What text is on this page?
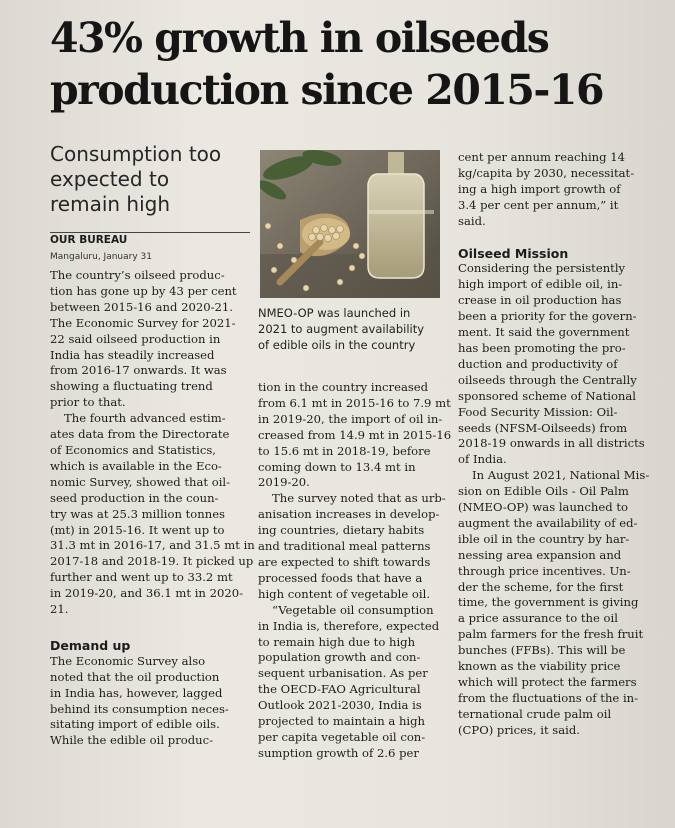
43% growth in oilseeds
production since 2015-16
Consumption too
expected to
remain high
OUR BUREAU
Mangaluru, January 31

NMEO-OP was launched in

2021 to augment availability

of edible oils in the country

The country’s oilseed produc-

tion has gone up by 43 per cent

between 2015-16 and 2020-21.

The Economic Survey for 2021-

22 said oilseed production in

India has steadily increased

from 2016-17 onwards. It was

showing a fluctuating trend

prior to that.

The fourth advanced estim-

ates data from the Directorate

of Economics and Statistics,

which is available in the Eco-

nomic Survey, showed that oil-

seed production in the coun-

try was at 25.3 million tonnes

(mt) in 2015-16. It went up to

31.3 mt in 2016-17, and 31.5 mt in

2017-18 and 2018-19. It picked up

further and went up to 33.2 mt

in 2019-20, and 36.1 mt in 2020-

21.

Demand up

The Economic Survey also

noted that the oil production

in India has, however, lagged

behind its consumption neces-

sitating import of edible oils.

While the edible oil produc-

tion in the country increased

from 6.1 mt in 2015-16 to 7.9 mt

in 2019-20, the import of oil in-

creased from 14.9 mt in 2015-16

to 15.6 mt in 2018-19, before

coming down to 13.4 mt in

2019-20.

The survey noted that as urb-

anisation increases in develop-

ing countries, dietary habits

and traditional meal patterns

are expected to shift towards

processed foods that have a

high content of vegetable oil.

“Vegetable oil consumption

in India is, therefore, expected

to remain high due to high

population growth and con-

sequent urbanisation. As per

the OECD-FAO Agricultural

Outlook 2021-2030, India is

projected to maintain a high

per capita vegetable oil con-

sumption growth of 2.6 per

cent per annum reaching 14

kg/capita by 2030, necessitat-

ing a high import growth of

3.4 per cent per annum,” it

said.

Oilseed Mission

Considering the persistently

high import of edible oil, in-

crease in oil production has

been a priority for the govern-

ment. It said the government

has been promoting the pro-

duction and productivity of

oilseeds through the Centrally

sponsored scheme of National

Food Security Mission: Oil-

seeds (NFSM-Oilseeds) from

2018-19 onwards in all districts

of India.

In August 2021, National Mis-

sion on Edible Oils - Oil Palm

(NMEO-OP) was launched to

augment the availability of ed-

ible oil in the country by har-

nessing area expansion and

through price incentives. Un-

der the scheme, for the first

time, the government is giving

a price assurance to the oil

palm farmers for the fresh fruit

bunches (FFBs). This will be

known as the viability price

which will protect the farmers

from the fluctuations of the in-

ternational crude palm oil

(CPO) prices, it said.
